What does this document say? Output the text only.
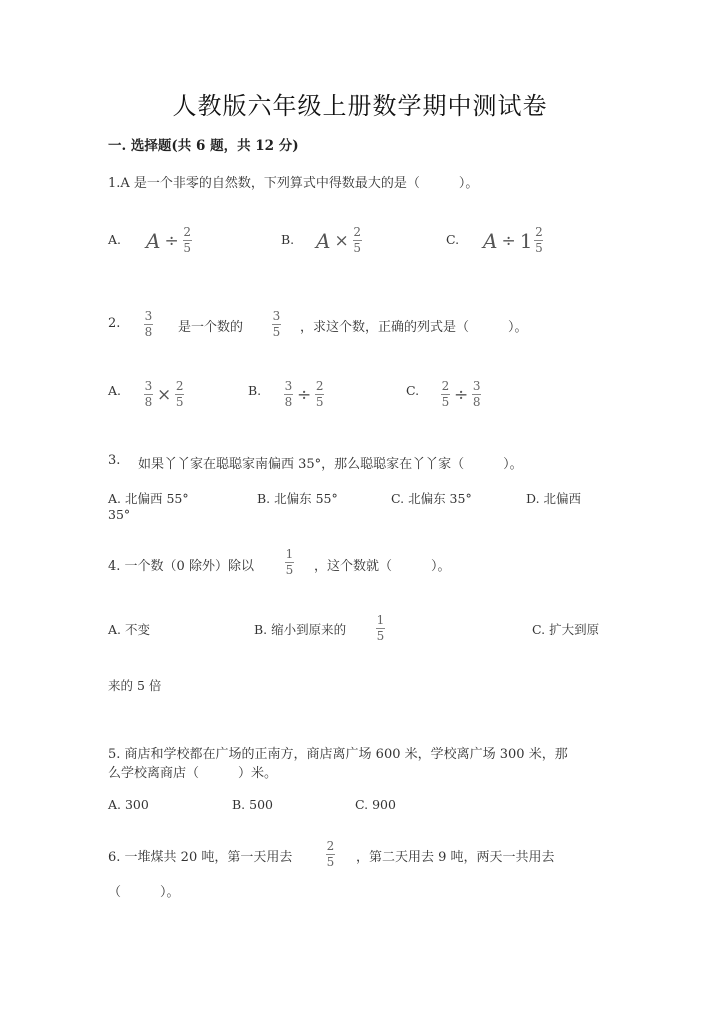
人教版六年级上册数学期中测试卷
一. 选择题(共 6 题，共 12 分)
1.A 是一个非零的自然数，下列算式中得数最大的是（　　　）。
A. $A \div \frac{2}{5}$	B. $A \times \frac{2}{5}$	C. $A \div 1 \frac{2}{5}$
2. $\frac{3}{8}$ 是一个数的 $\frac{3}{5}$ ，求这个数，正确的列式是（　　　）。
A. $\frac{3}{8} \times \frac{2}{5}$	B. $\frac{3}{8} \div \frac{2}{5}$	C. $\frac{2}{5} \div \frac{3}{8}$
3. 如果丫丫家在聪聪家南偏西 35°，那么聪聪家在丫丫家（　　　）。
A. 北偏西 55°	B. 北偏东 55°	C. 北偏东 35°	D. 北偏西
35°
4. 一个数（0 除外）除以	$\frac{1}{5}$ ，这个数就（　　　）。
A. 不变	B. 缩小到原来的 $\frac{1}{5}$	C. 扩大到原
来的 5 倍
5. 商店和学校都在广场的正南方，商店离广场 600 米，学校离广场 300 米，那
么学校离商店（　　　）米。
A. 300	B. 500	C. 900
6. 一堆煤共 20 吨，第一天用去	$\frac{2}{5}$ ，第二天用去 9 吨，两天一共用去
（　　　）。
